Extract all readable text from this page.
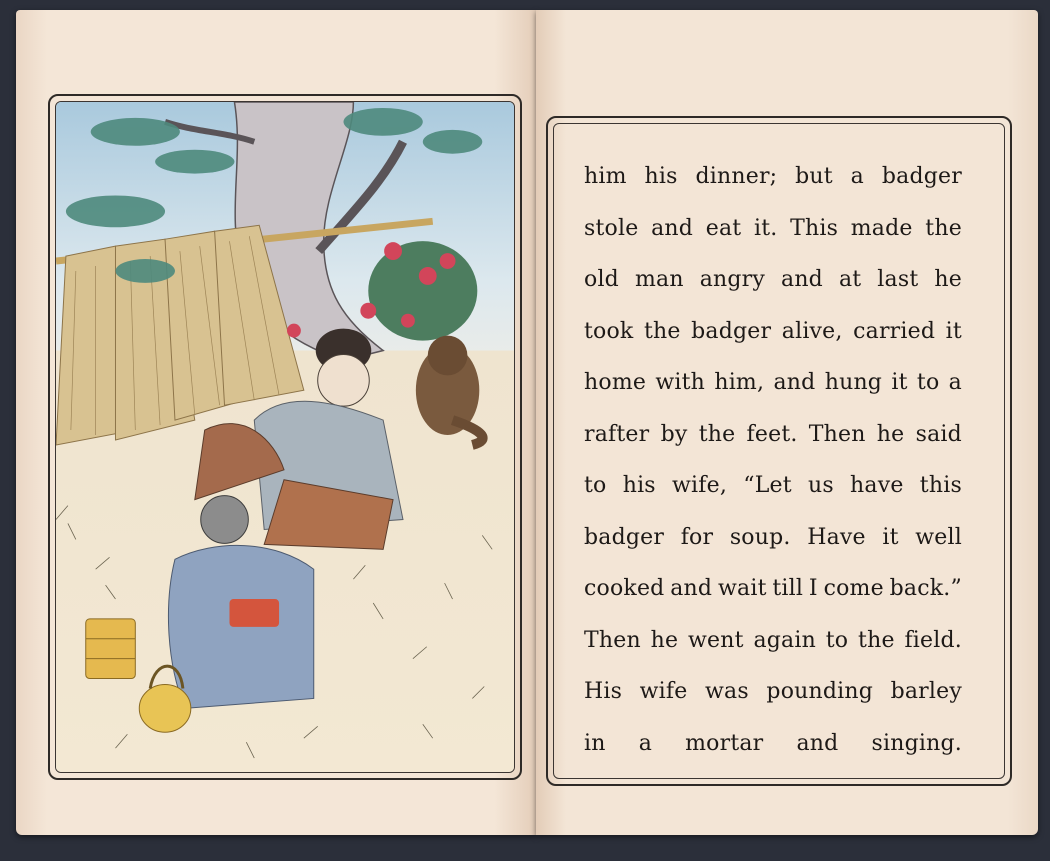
him his dinner; but a badger
stole and eat it. This made the
old man angry and at last he
took the badger alive, carried it
home with him, and hung it to a
rafter by the feet. Then he said
to his wife, “Let us have this
badger for soup. Have it well
cooked and wait till I come back.”
Then he went again to the field.
His wife was pounding barley
in a mortar and singing.
